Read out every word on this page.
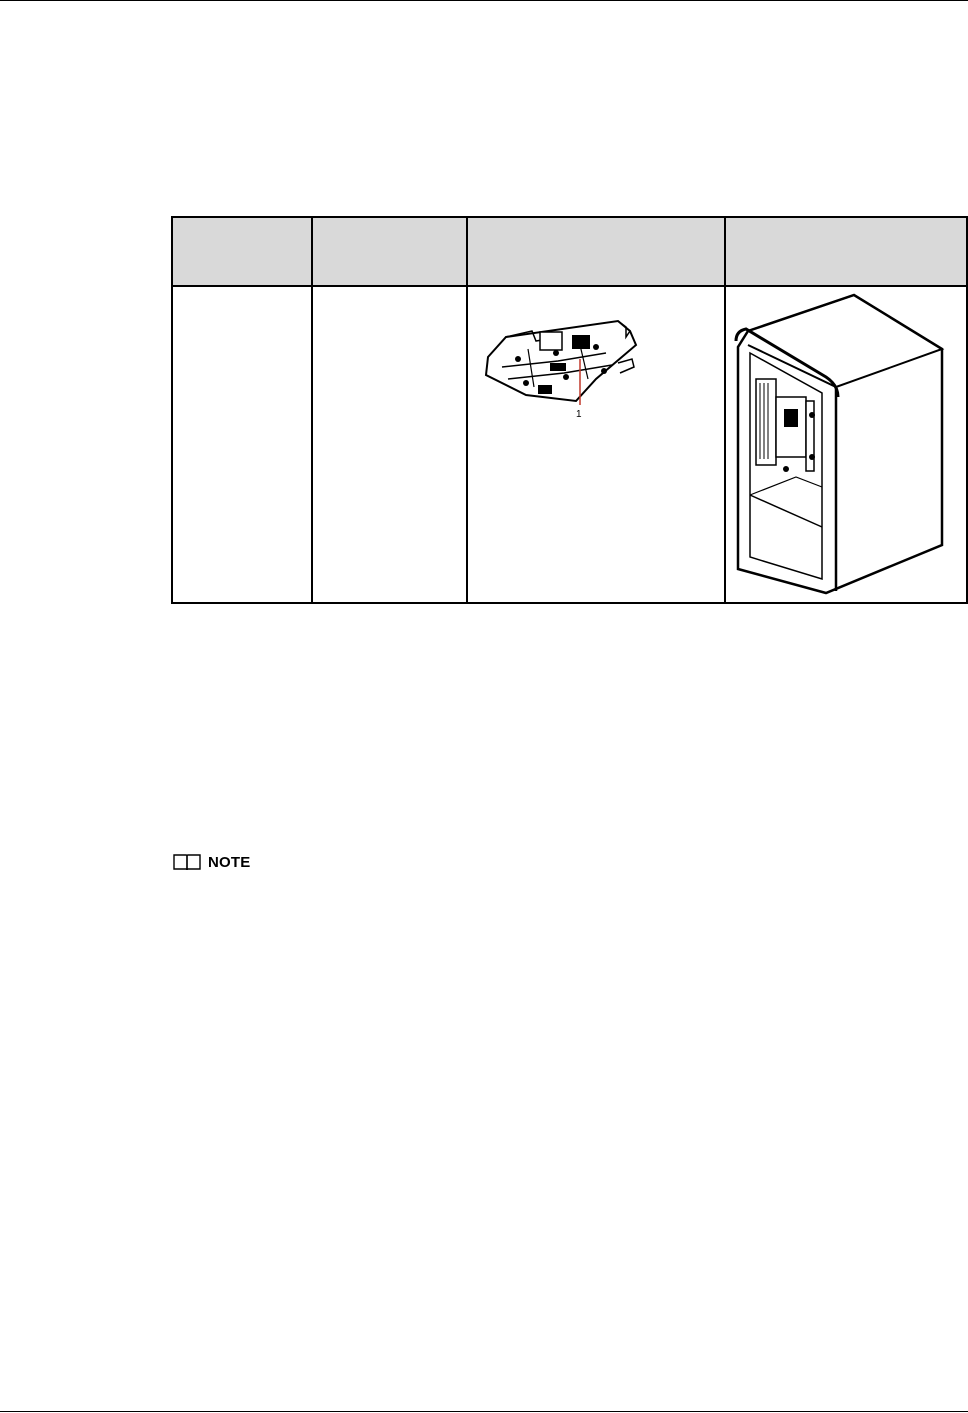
1

NOTE
